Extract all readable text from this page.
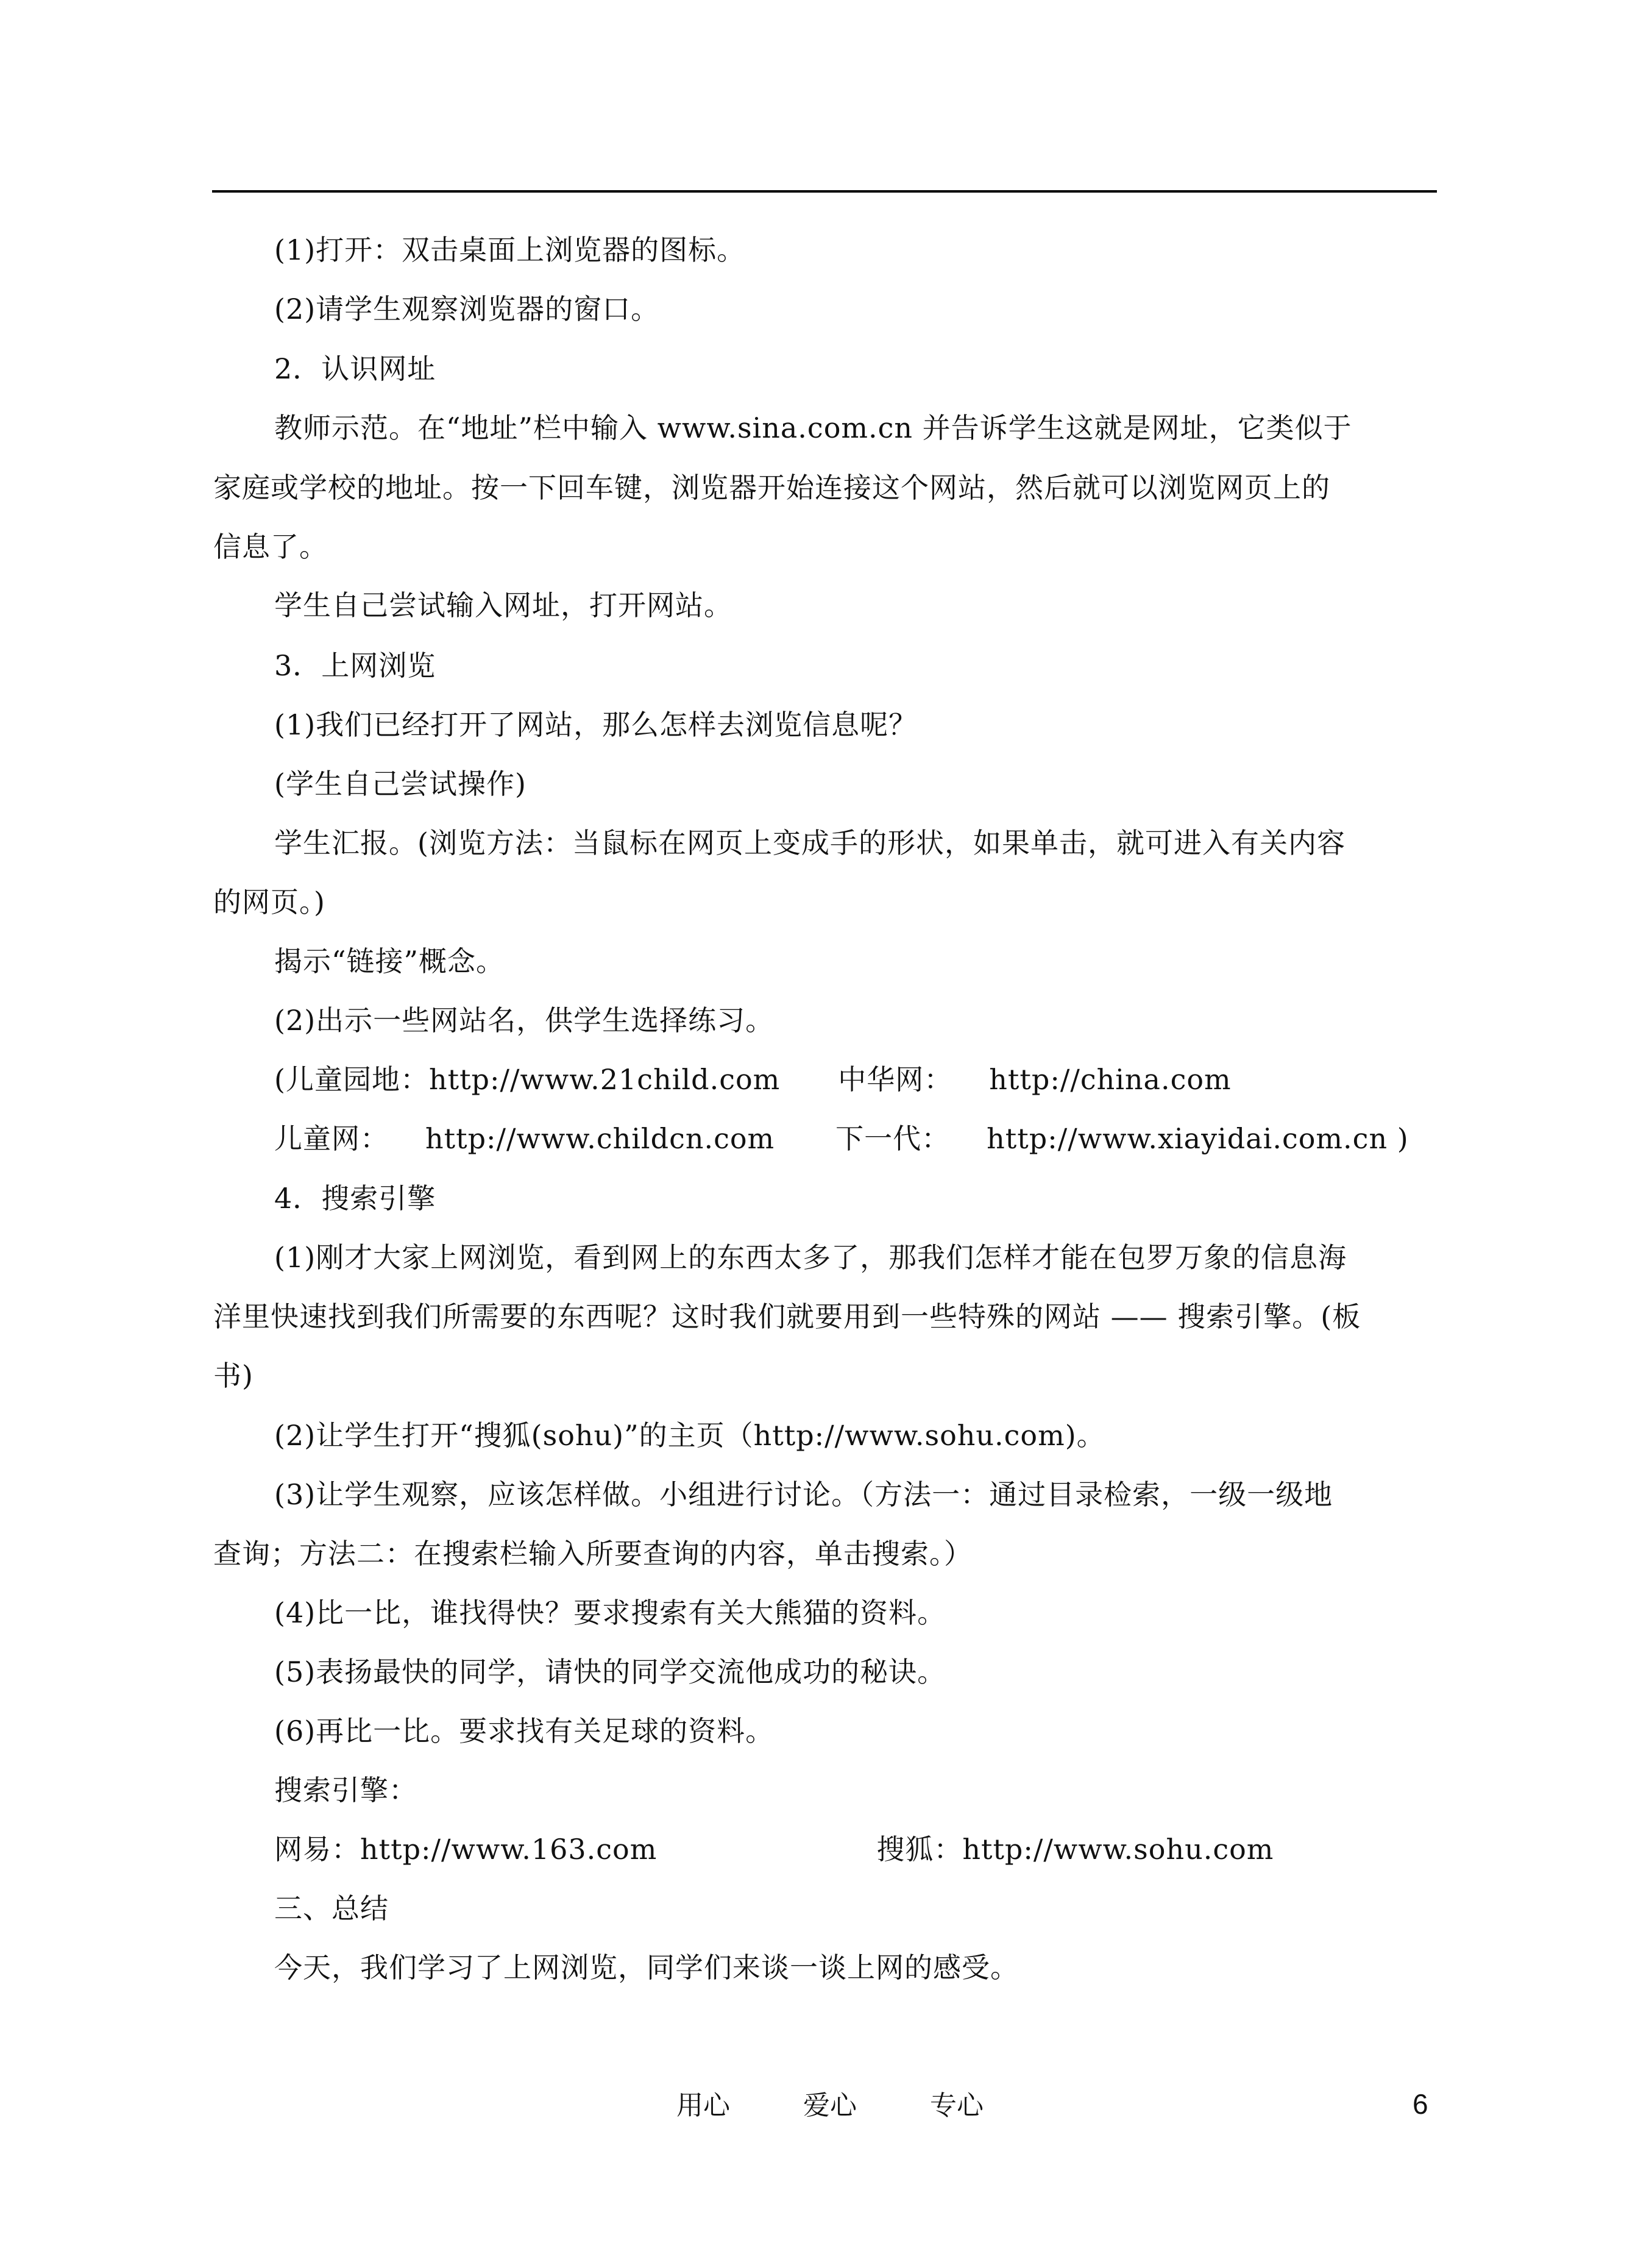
(1)打开：双击桌面上浏览器的图标。
(2)请学生观察浏览器的窗口。
2．认识网址
教师示范。在“地址”栏中输入 www.sina.com.cn 并告诉学生这就是网址，它类似于
家庭或学校的地址。按一下回车键，浏览器开始连接这个网站，然后就可以浏览网页上的
信息了。
学生自己尝试输入网址，打开网站。
3．上网浏览
(1)我们已经打开了网站，那么怎样去浏览信息呢？
(学生自己尝试操作)
学生汇报。(浏览方法：当鼠标在网页上变成手的形状，如果单击，就可进入有关内容
的网页。)
揭示“链接”概念。
(2)出示一些网站名，供学生选择练习。
(儿童园地：http://www.21child.com 中华网： http://china.com
儿童网： http://www.childcn.com 下一代： http://www.xiayidai.com.cn )
4．搜索引擎
(1)刚才大家上网浏览，看到网上的东西太多了，那我们怎样才能在包罗万象的信息海
洋里快速找到我们所需要的东西呢？这时我们就要用到一些特殊的网站 —— 搜索引擎。(板
书)
(2)让学生打开“搜狐(sohu)”的主页（http://www.sohu.com)。
(3)让学生观察，应该怎样做。小组进行讨论。（方法一：通过目录检索，一级一级地
查询；方法二：在搜索栏输入所要查询的内容，单击搜索。）
(4)比一比，谁找得快？要求搜索有关大熊猫的资料。
(5)表扬最快的同学，请快的同学交流他成功的秘诀。
(6)再比一比。要求找有关足球的资料。
搜索引擎：
网易：http://www.163.com	搜狐：http://www.sohu.com
三、总结
今天，我们学习了上网浏览，同学们来谈一谈上网的感受。
用心	爱心	专心	6
